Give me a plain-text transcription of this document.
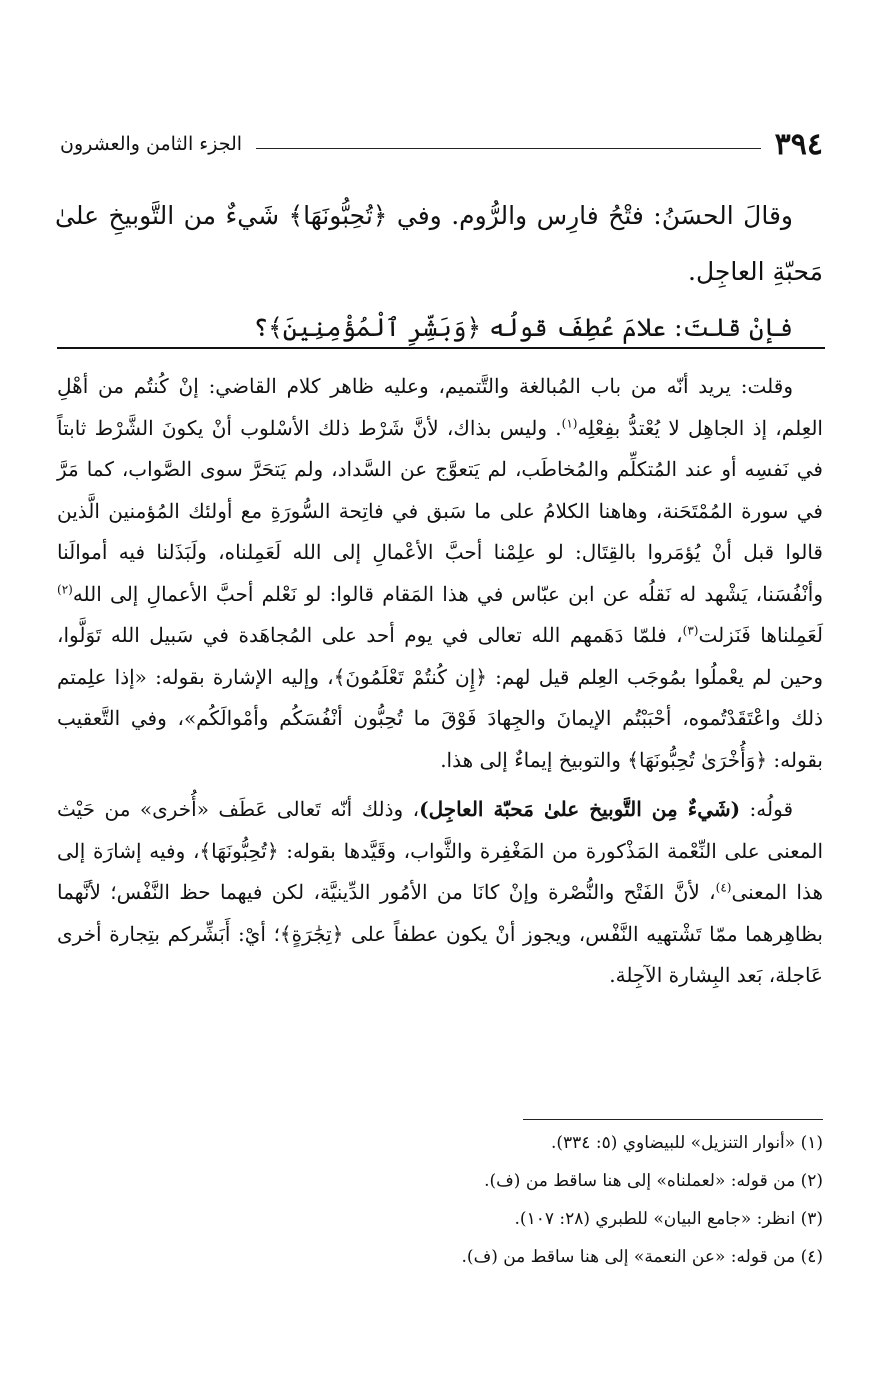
٣٩٤
الجزء الثامن والعشرون

وقالَ الحسَنُ: فتْحُ فارِس والرُّوم. وفي ﴿تُحِبُّونَهَا﴾ شَيءٌ من التَّوبيخِ علىٰ مَحبّةِ العاجِل.

فإنْ قلتَ: علامَ عُطِفَ قولُه ﴿وَبَشِّرِ ٱلْمُؤْمِنِينَ﴾؟

وقلت: يريد أنّه من باب المُبالغة والتَّتميم، وعليه ظاهر كلام القاضي: إنْ كُنتُم من أهْلِ العِلم، إذ الجاهِل لا يُعْتدُّ بفِعْلِه$^{(١)}$. وليس بذاك، لأنَّ شَرْط ذلك الأسْلوب أنْ يكونَ الشَّرْط ثابتاً في نَفسِه أو عند المُتكلِّم والمُخاطَب، لم يَتعوَّج عن السَّداد، ولم يَتحَرَّ سوى الصَّواب، كما مَرَّ في سورة المُمْتَحَنة، وهاهنا الكلامُ على ما سَبق في فاتِحة السُّورَةِ مع أولئك المُؤمنين الَّذين قالوا قبل أنْ يُؤمَروا بالقِتَال: لو علِمْنا أحبَّ الأعْمالِ إلى الله لَعَمِلناه، ولَبَذَلنا فيه أموالَنا وأنْفُسَنا، يَشْهد له نَقلُه عن ابن عبّاس في هذا المَقام قالوا: لو نَعْلم أحبَّ الأعمالِ إلى الله$^{(٢)}$ لَعَمِلناها فَنَزلت$^{(٣)}$، فلمّا دَهَمهم الله تعالى في يوم أحد على المُجاهَدة في سَبيل الله تَوَلَّوا، وحين لم يعْملُوا بمُوجَب العِلم قيل لهم: ﴿إِن كُنتُمْ تَعْلَمُونَ﴾، وإليه الإشارة بقوله: «إذا علِمتم ذلك واعْتَقَدْتُموه، أحْبَبْتُم الإيمانَ والجِهادَ فَوْقَ ما تُحِبُّون أنْفُسَكُم وأمْوالَكُم»، وفي التَّعقيب بقوله: ﴿وَأُخْرَىٰ تُحِبُّونَهَا﴾ والتوبيخ إيماءٌ إلى هذا.

قولُه: (شَيءٌ مِن التَّوبيخ علىٰ مَحبّة العاجِل)، وذلك أنّه تَعالى عَطَف «أُخرى» من حَيْث المعنى على النِّعْمة المَذْكورة من المَغْفِرة والثَّواب، وقَيَّدها بقوله: ﴿تُحِبُّونَهَا﴾، وفيه إشارَة إلى هذا المعنى$^{(٤)}$، لأنَّ الفَتْح والنُّصْرة وإنْ كانَا من الأمُور الدِّينيَّة، لكن فيهما حظ النَّفْس؛ لأنَّهما بظاهِرهما ممّا تَشْتهيه النَّفْس، ويجوز أنْ يكون عطفاً على ﴿تِجَٰرَةٍ﴾؛ أيْ: أَبَشِّركم بتِجارة أخرى عَاجلة، بَعد البِشارة الآجِلة.

(١) «أنوار التنزيل» للبيضاوي (٥: ٣٣٤).
(٢) من قوله: «لعملناه» إلى هنا ساقط من (ف).
(٣) انظر: «جامع البيان» للطبري (٢٨: ١٠٧).
(٤) من قوله: «عن النعمة» إلى هنا ساقط من (ف).
